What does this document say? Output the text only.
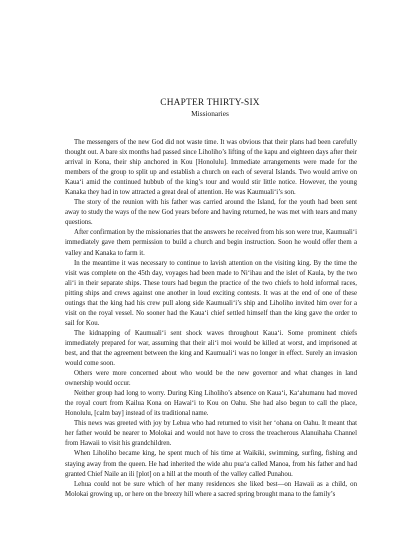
CHAPTER THIRTY-SIX
Missionaries

The messengers of the new God did not waste time. It was obvious that their plans had been carefully thought out. A bare six months had passed since Liholiho’s lifting of the kapu and eighteen days after their arrival in Kona, their ship anchored in Kou [Honolulu]. Immediate arrangements were made for the members of the group to split up and establish a church on each of several Islands. Two would arrive on Kaua‘i amid the continued hubbub of the king’s tour and would stir little notice. However, the young Kanaka they had in tow attracted a great deal of attention. He was Kaumuali‘i’s son.

The story of the reunion with his father was carried around the Island, for the youth had been sent away to study the ways of the new God years before and having returned, he was met with tears and many questions.

After confirmation by the missionaries that the answers he received from his son were true, Kaumuali‘i immediately gave them permission to build a church and begin instruction. Soon he would offer them a valley and Kanaka to farm it.

In the meantime it was necessary to continue to lavish attention on the visiting king. By the time the visit was complete on the 45th day, voyages had been made to Ni‘ihau and the islet of Kaula, by the two ali‘i in their separate ships. These tours had begun the practice of the two chiefs to hold informal races, pitting ships and crews against one another in loud exciting contests. It was at the end of one of these outings that the king had his crew pull along side Kaumuali‘i’s ship and Liholiho invited him over for a visit on the royal vessel. No sooner had the Kaua‘i chief settled himself than the king gave the order to sail for Kou.

The kidnapping of Kaumuali‘i sent shock waves throughout Kaua‘i. Some prominent chiefs immediately prepared for war, assuming that their ali‘i moi would be killed at worst, and imprisoned at best, and that the agreement between the king and Kaumuali‘i was no longer in effect. Surely an invasion would come soon.

Others were more concerned about who would be the new governor and what changes in land ownership would occur.

Neither group had long to worry. During King Liholiho’s absence on Kaua‘i, Ka‘ahumanu had moved the royal court from Kailua Kona on Hawai‘i to Kou on Oahu. She had also begun to call the place, Honolulu, [calm bay] instead of its traditional name.

This news was greeted with joy by Lehua who had returned to visit her ‘ohana on Oahu. It meant that her father would be nearer to Molokai and would not have to cross the treacherous Alanuihaha Channel from Hawaii to visit his grandchildren.

When Liholiho became king, he spent much of his time at Waikiki, swimming, surfing, fishing and staying away from the queen. He had inherited the wide ahu pua‘a called Manoa, from his father and had granted Chief Naile an ili [plot] on a hill at the mouth of the valley called Punahou.

Lehua could not be sure which of her many residences she liked best—on Hawaii as a child, on Molokai growing up, or here on the breezy hill where a sacred spring brought mana to the family’s
